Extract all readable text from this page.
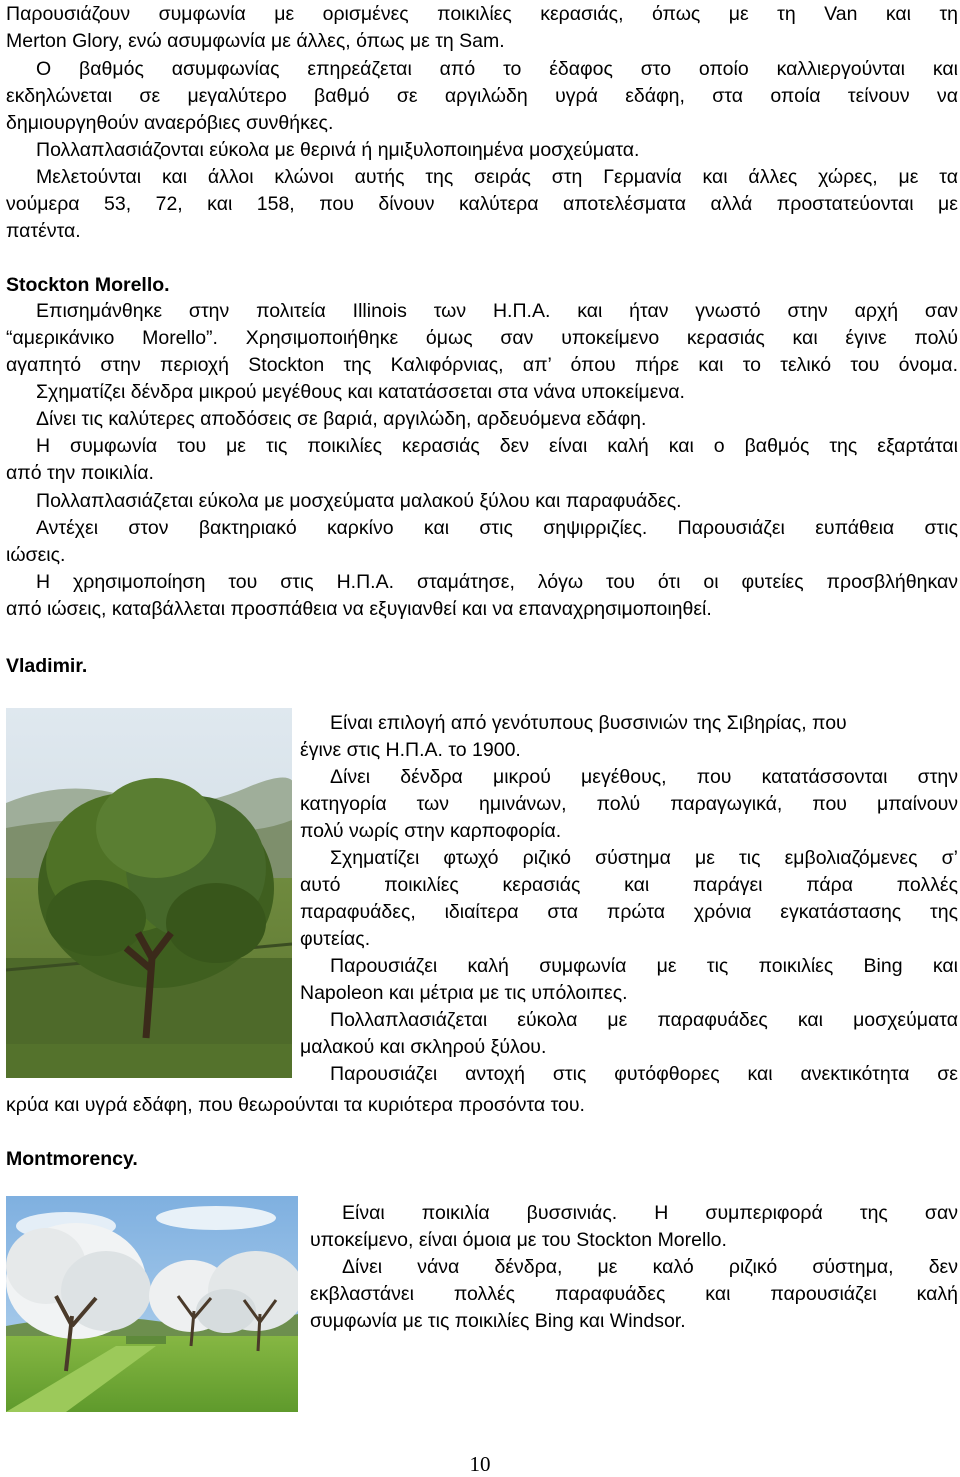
Παρουσιάζουν συμφωνία με ορισμένες ποικιλίες κερασιάς, όπως με τη Van και τη
Merton Glory, ενώ ασυμφωνία με άλλες, όπως με τη Sam.
Ο βαθμός ασυμφωνίας επηρεάζεται από το έδαφος στο οποίο καλλιεργούνται και
εκδηλώνεται σε μεγαλύτερο βαθμό σε αργιλώδη υγρά εδάφη, στα οποία τείνουν να
δημιουργηθούν αναερόβιες συνθήκες.
Πολλαπλασιάζονται εύκολα με θερινά ή ημιξυλοποιημένα μοσχεύματα.
Μελετούνται και άλλοι κλώνοι αυτής της σειράς στη Γερμανία και άλλες χώρες, με τα
νούμερα 53, 72, και 158, που δίνουν καλύτερα αποτελέσματα αλλά προστατεύονται με
πατέντα.
Stockton Morello.
Επισημάνθηκε στην πολιτεία Illinois των Η.Π.Α. και ήταν γνωστό στην αρχή σαν
“αμερικάνικο Morello”. Χρησιμοποιήθηκε όμως σαν υποκείμενο κερασιάς και έγινε πολύ
αγαπητό στην περιοχή Stockton της Καλιφόρνιας, απ’ όπου πήρε και το τελικό του όνομα.
Σχηματίζει δένδρα μικρού μεγέθους και κατατάσσεται στα νάνα υποκείμενα.
Δίνει τις καλύτερες αποδόσεις σε βαριά, αργιλώδη, αρδευόμενα εδάφη.
Η συμφωνία του με τις ποικιλίες κερασιάς δεν είναι καλή και ο βαθμός της εξαρτάται
από την ποικιλία.
Πολλαπλασιάζεται εύκολα με μοσχεύματα μαλακού ξύλου και παραφυάδες.
Αντέχει στον βακτηριακό καρκίνο και στις σηψιρριζίες. Παρουσιάζει ευπάθεια στις
ιώσεις.
Η χρησιμοποίηση του στις Η.Π.Α. σταμάτησε, λόγω του ότι οι φυτείες προσβλήθηκαν
από ιώσεις, καταβάλλεται προσπάθεια να εξυγιανθεί και να επαναχρησιμοποιηθεί.
Vladimir.
Είναι επιλογή από γενότυπους βυσσινιών της Σιβηρίας, που
έγινε στις Η.Π.Α. το 1900.
Δίνει δένδρα μικρού μεγέθους, που κατατάσσονται στην
κατηγορία των ημινάνων, πολύ παραγωγικά, που μπαίνουν
πολύ νωρίς στην καρποφορία.
Σχηματίζει φτωχό ριζικό σύστημα με τις εμβολιαζόμενες σ’
αυτό ποικιλίες κερασιάς και παράγει πάρα πολλές
παραφυάδες, ιδιαίτερα στα πρώτα χρόνια εγκατάστασης της
φυτείας.
Παρουσιάζει καλή συμφωνία με τις ποικιλίες Bing και
Napoleon και μέτρια με τις υπόλοιπες.
Πολλαπλασιάζεται εύκολα με παραφυάδες και μοσχεύματα
μαλακού και σκληρού ξύλου.
Παρουσιάζει αντοχή στις φυτόφθορες και ανεκτικότητα σε
κρύα και υγρά εδάφη, που θεωρούνται τα κυριότερα προσόντα του.
Montmorency.
Είναι ποικιλία βυσσινιάς. Η συμπεριφορά της σαν
υποκείμενο, είναι όμοια με του Stockton Morello.
Δίνει νάνα δένδρα, με καλό ριζικό σύστημα, δεν
εκβλαστάνει πολλές παραφυάδες και παρουσιάζει καλή
συμφωνία με τις ποικιλίες Bing και Windsor.
10
